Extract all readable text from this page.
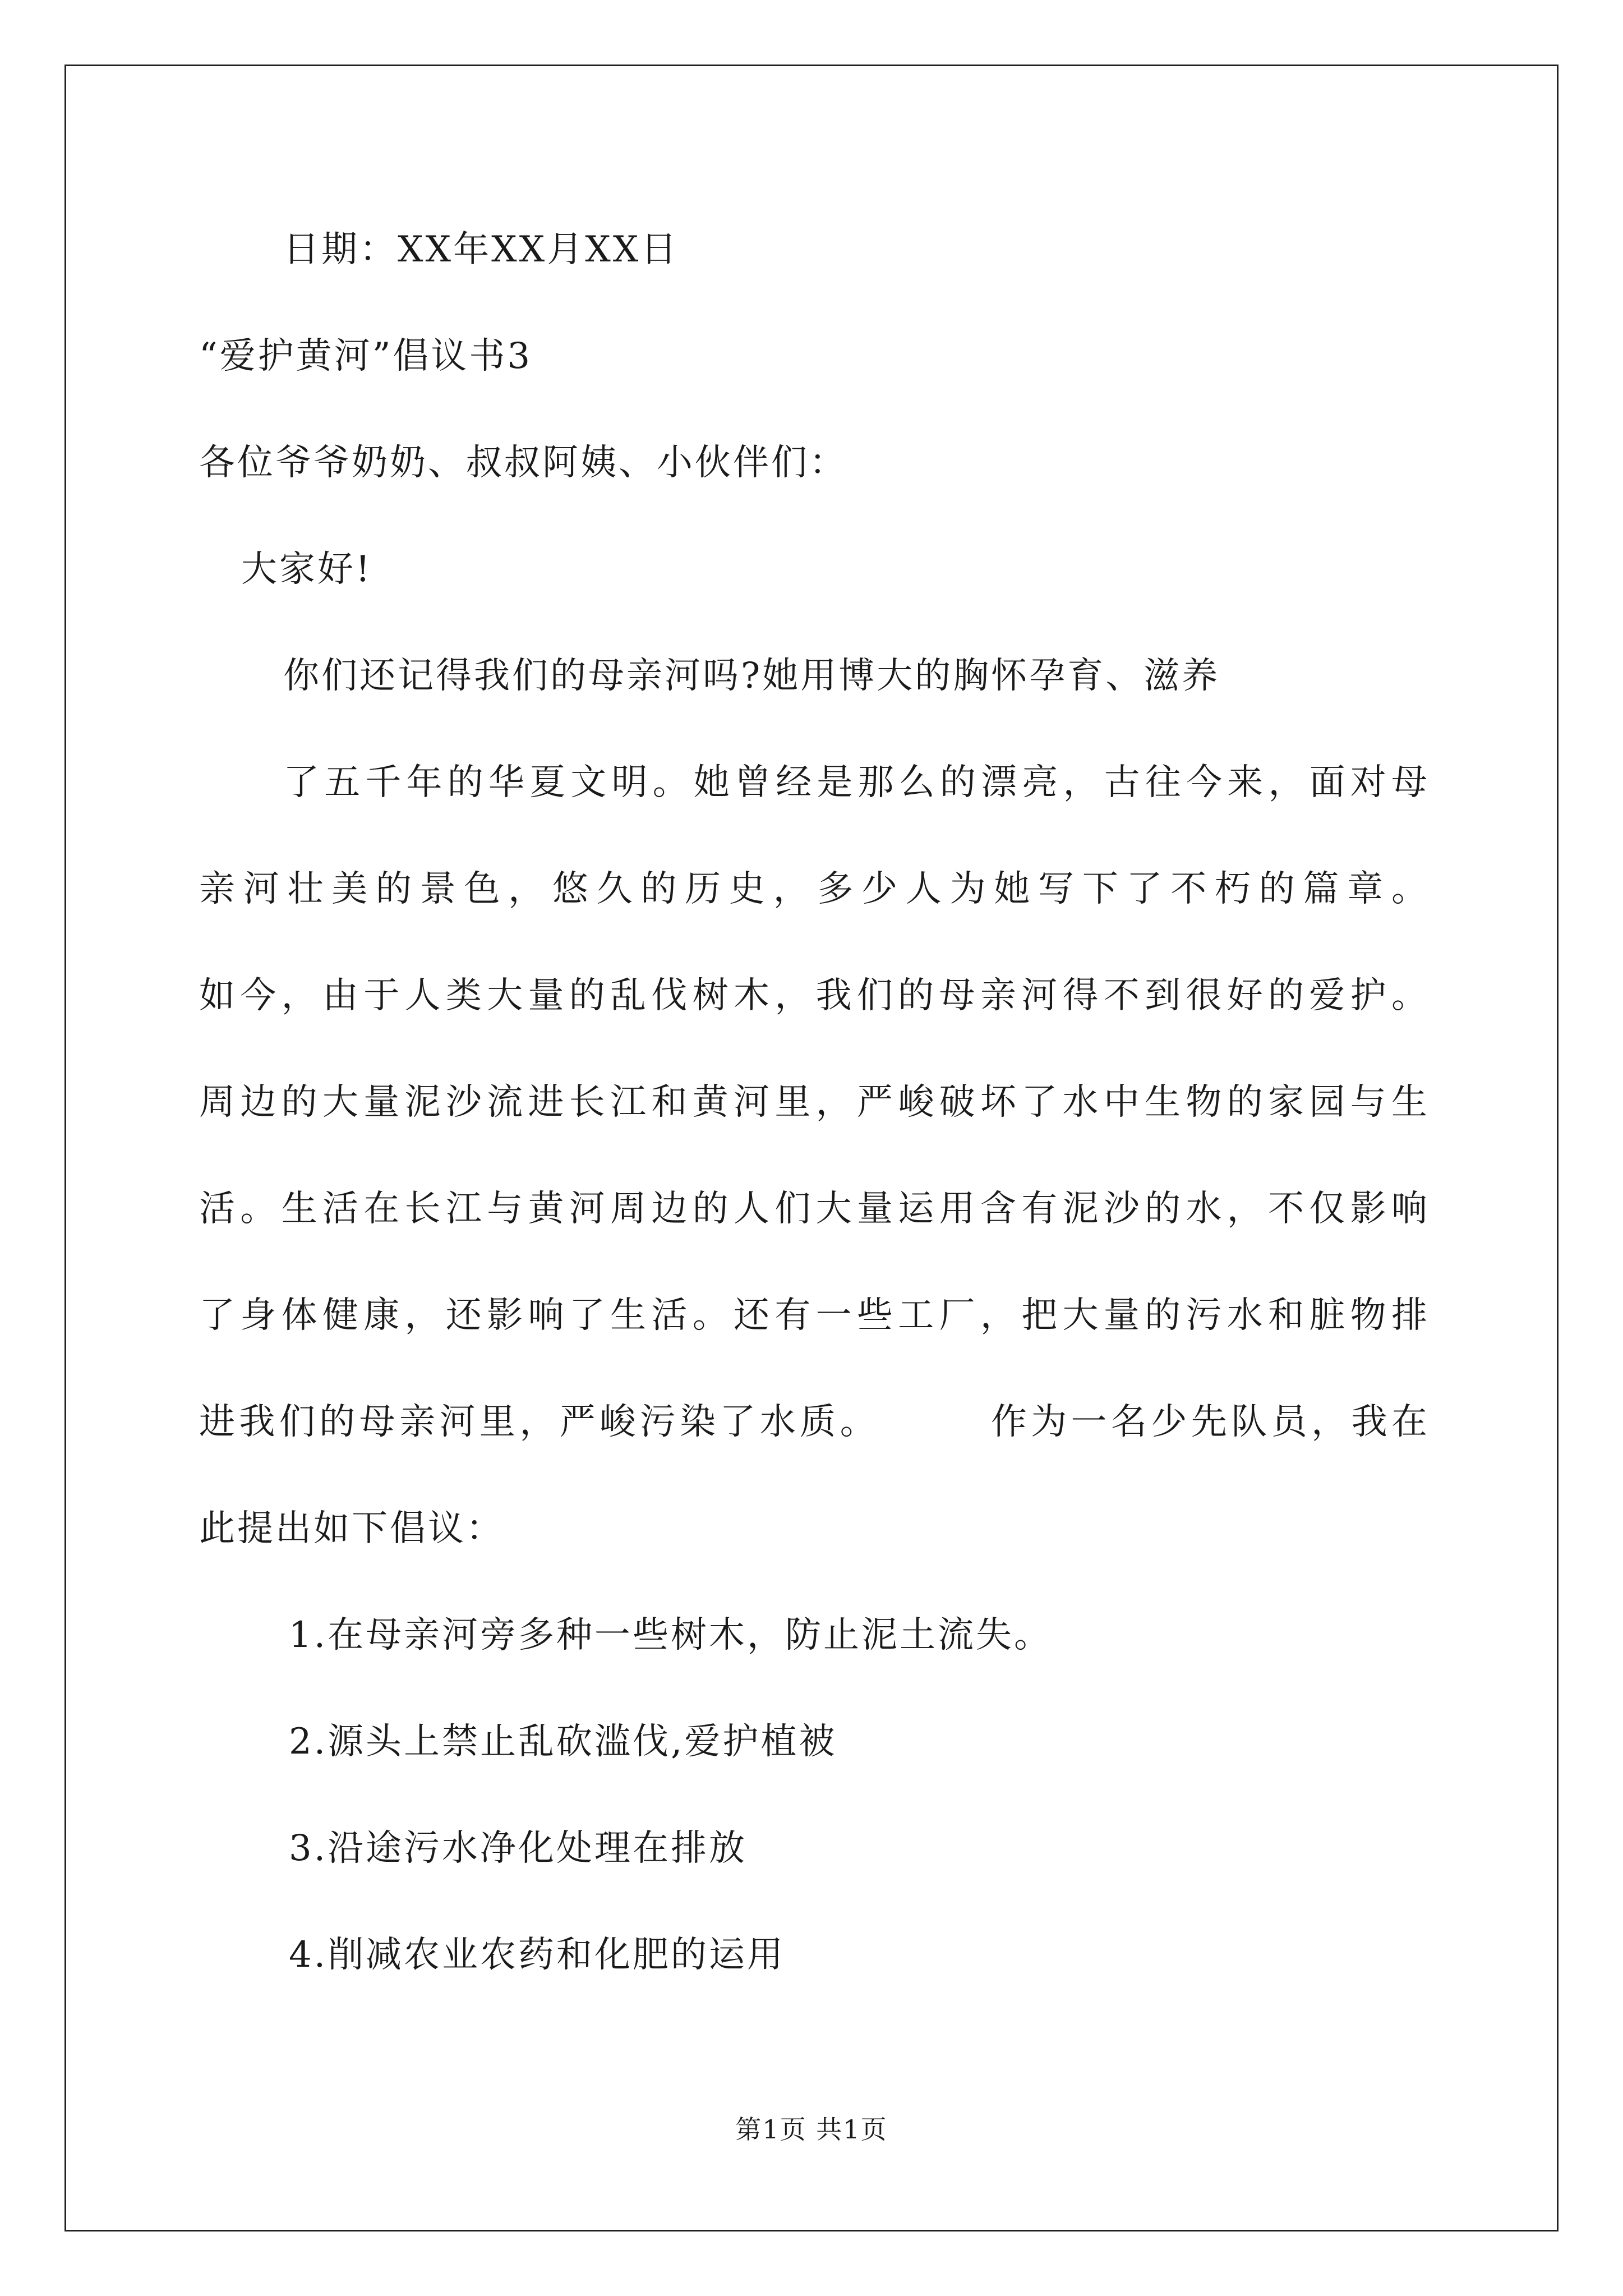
日期：XX年XX月XX日
“爱护黄河”倡议书3
各位爷爷奶奶、叔叔阿姨、小伙伴们：
大家好!
你们还记得我们的母亲河吗?她用博大的胸怀孕育、滋养
了五千年的华夏文明。她曾经是那么的漂亮，古往今来，面对母
亲河壮美的景色，悠久的历史，多少人为她写下了不朽的篇章。
如今，由于人类大量的乱伐树木，我们的母亲河得不到很好的爱护。
周边的大量泥沙流进长江和黄河里，严峻破坏了水中生物的家园与生
活。生活在长江与黄河周边的人们大量运用含有泥沙的水，不仅影响
了身体健康，还影响了生活。还有一些工厂，把大量的污水和脏物排
进我们的母亲河里，严峻污染了水质。 作为一名少先队员，我在
此提出如下倡议：
1.在母亲河旁多种一些树木，防止泥土流失。
2.源头上禁止乱砍滥伐,爱护植被
3.沿途污水净化处理在排放
4.削减农业农药和化肥的运用
第1页 共1页
